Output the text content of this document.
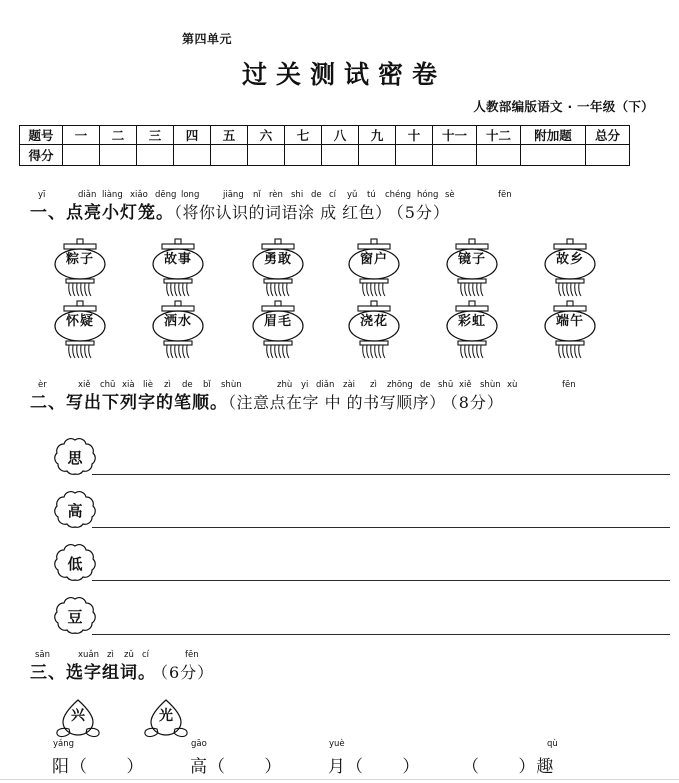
第四单元
过关测试密卷
人教部编版语文 · 一年级（下）
题号	一	二	三	四	五	六	七	八	九	十	十一	十二	附加题	总分
得分														
yī	diǎn liàng xiǎo dēng long	jiāng nǐ rèn shi de cí yǔ tú chéng hóng sè	fēn
一、点亮小灯笼。（将你认识的词语涂 成 红色） （5分）
粽子	故事	勇敢	窗户	镜子	故乡
怀疑	洒水	眉毛	浇花	彩虹	端午
èr	xiě chū xià liè zì de bǐ shùn	zhù yi diǎn zài zì zhōng de shū xiě shùn xù	fēn
二、写出下列字的笔顺。（注意点在字 中 的书写顺序） （8分）
思
高
低
豆
sān	xuǎn zì zǔ cí	fēn
三、选字组词。 （6分）
兴	光
yáng
阳（      ）
gāo
高（      ）
yuè
月（      ）
qù
（      ）趣
